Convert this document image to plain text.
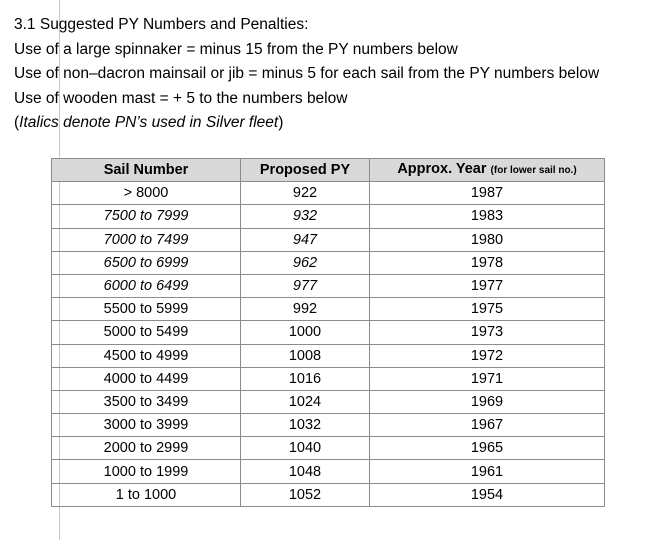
3.1 Suggested PY Numbers and Penalties:
Use of a large spinnaker = minus 15 from the PY numbers below
Use of non–dacron mainsail or jib = minus 5 for each sail from the PY numbers below
Use of wooden mast = + 5 to the numbers below
(Italics denote PN’s used in Silver fleet)
Sail Number	Proposed PY	Approx. Year (for lower sail no.)
> 8000	922	1987
7500 to 7999	932	1983
7000 to 7499	947	1980
6500 to 6999	962	1978
6000 to 6499	977	1977
5500 to 5999	992	1975
5000 to 5499	1000	1973
4500 to 4999	1008	1972
4000 to 4499	1016	1971
3500 to 3499	1024	1969
3000 to 3999	1032	1967
2000 to 2999	1040	1965
1000 to 1999	1048	1961
1 to 1000	1052	1954
